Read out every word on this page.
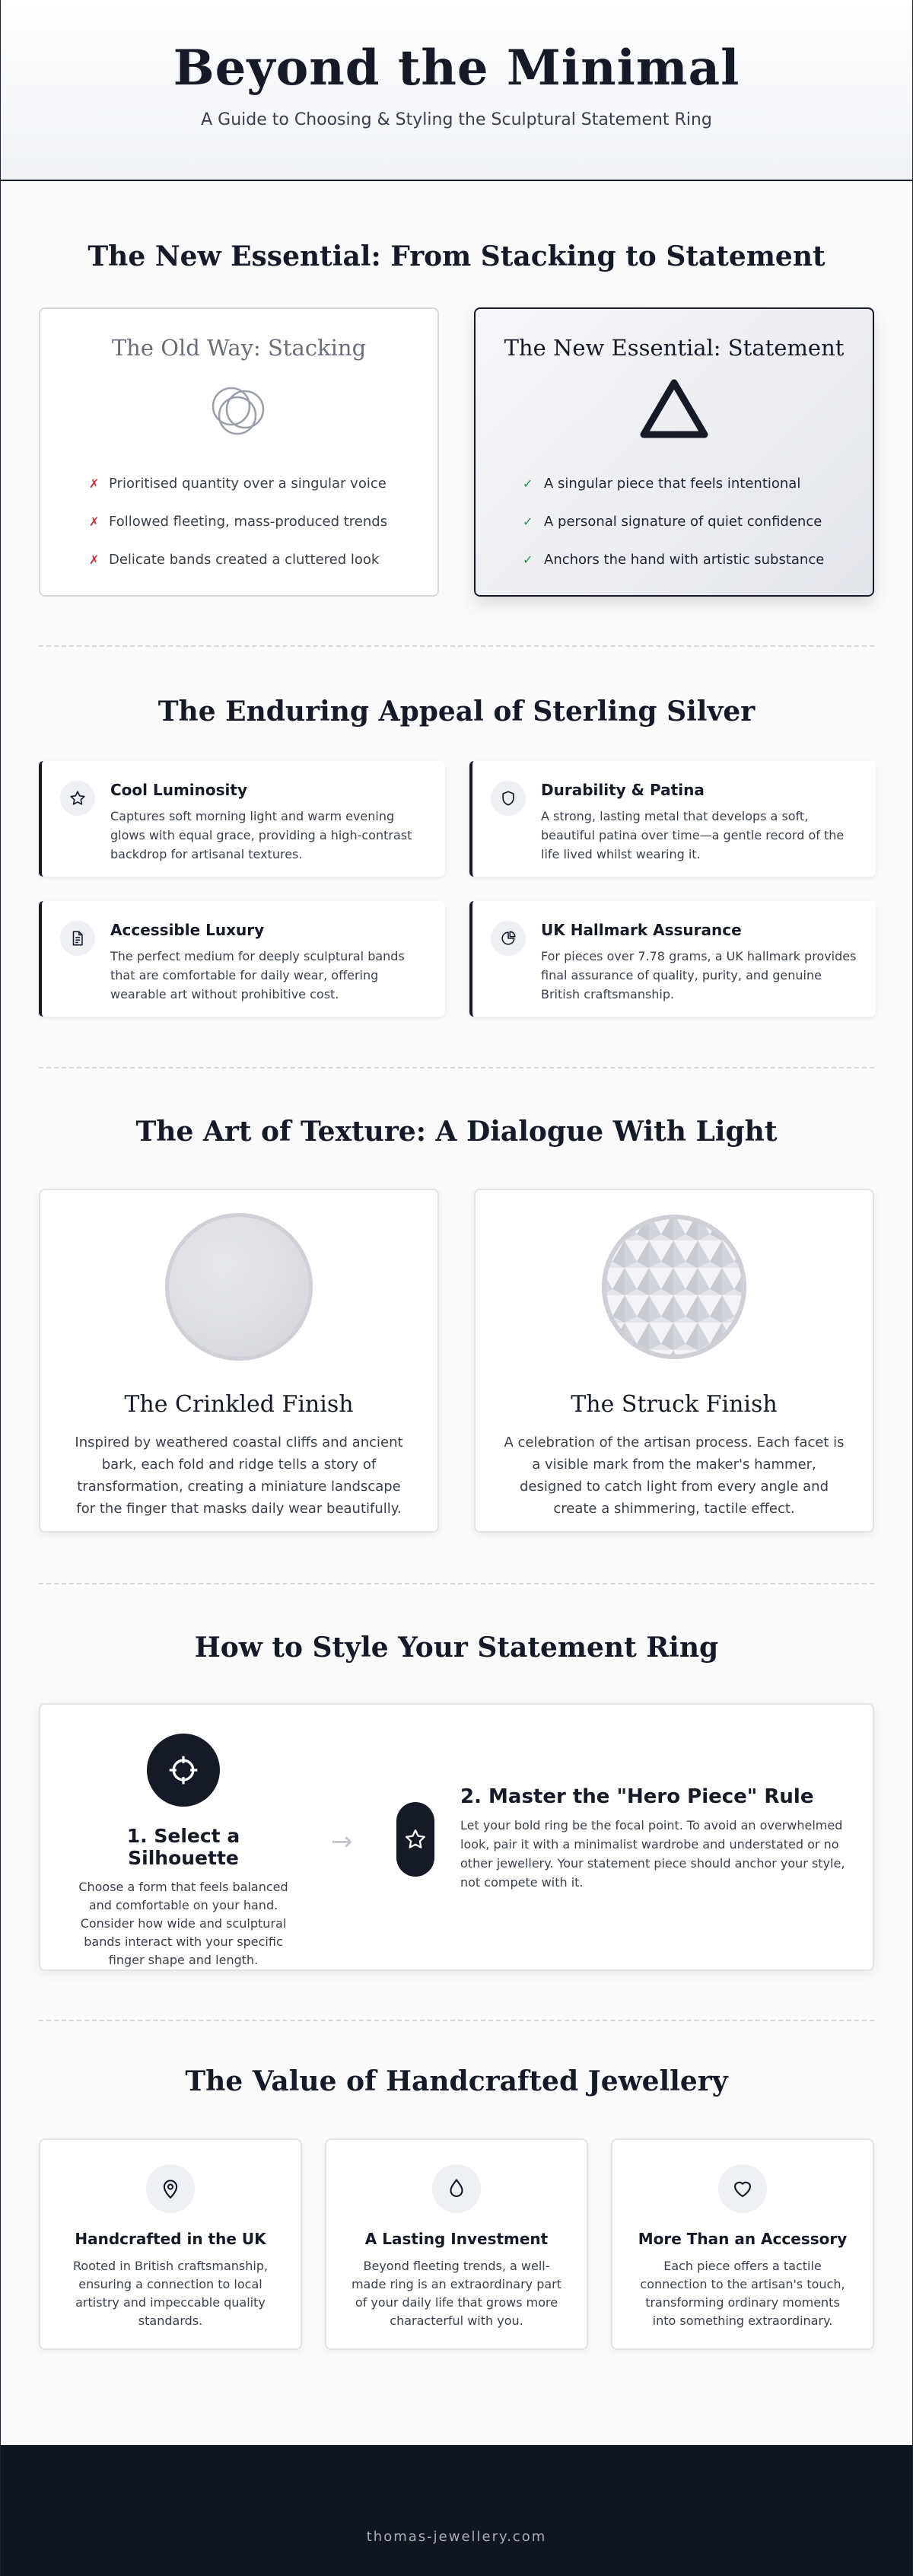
Beyond the Minimal

A Guide to Choosing & Styling the Sculptural Statement Ring

The New Essential: From Stacking to Statement
The Old Way: Stacking
✗ Prioritised quantity over a singular voice
✗ Followed fleeting, mass-produced trends
✗ Delicate bands created a cluttered look
The New Essential: Statement
✓ A singular piece that feels intentional
✓ A personal signature of quiet confidence
✓ Anchors the hand with artistic substance
The Enduring Appeal of Sterling Silver
Cool Luminosity

Captures soft morning light and warm evening glows with equal grace, providing a high-contrast backdrop for artisanal textures.

Durability & Patina

A strong, lasting metal that develops a soft, beautiful patina over time—a gentle record of the life lived whilst wearing it.

Accessible Luxury

The perfect medium for deeply sculptural bands that are comfortable for daily wear, offering wearable art without prohibitive cost.

UK Hallmark Assurance

For pieces over 7.78 grams, a UK hallmark provides final assurance of quality, purity, and genuine British craftsmanship.

The Art of Texture: A Dialogue With Light
The Crinkled Finish

Inspired by weathered coastal cliffs and ancient bark, each fold and ridge tells a story of transformation, creating a miniature landscape for the finger that masks daily wear beautifully.

The Struck Finish

A celebration of the artisan process. Each facet is a visible mark from the maker's hammer, designed to catch light from every angle and create a shimmering, tactile effect.

How to Style Your Statement Ring
1. Select a Silhouette

Choose a form that feels balanced and comfortable on your hand. Consider how wide and sculptural bands interact with your specific finger shape and length.

→
2. Master the "Hero Piece" Rule

Let your bold ring be the focal point. To avoid an overwhelmed look, pair it with a minimalist wardrobe and understated or no other jewellery. Your statement piece should anchor your style, not compete with it.

The Value of Handcrafted Jewellery
Handcrafted in the UK

Rooted in British craftsmanship, ensuring a connection to local artistry and impeccable quality standards.

A Lasting Investment

Beyond fleeting trends, a well-made ring is an extraordinary part of your daily life that grows more characterful with you.

More Than an Accessory

Each piece offers a tactile connection to the artisan's touch, transforming ordinary moments into something extraordinary.

T
thomas-jewellery.com
